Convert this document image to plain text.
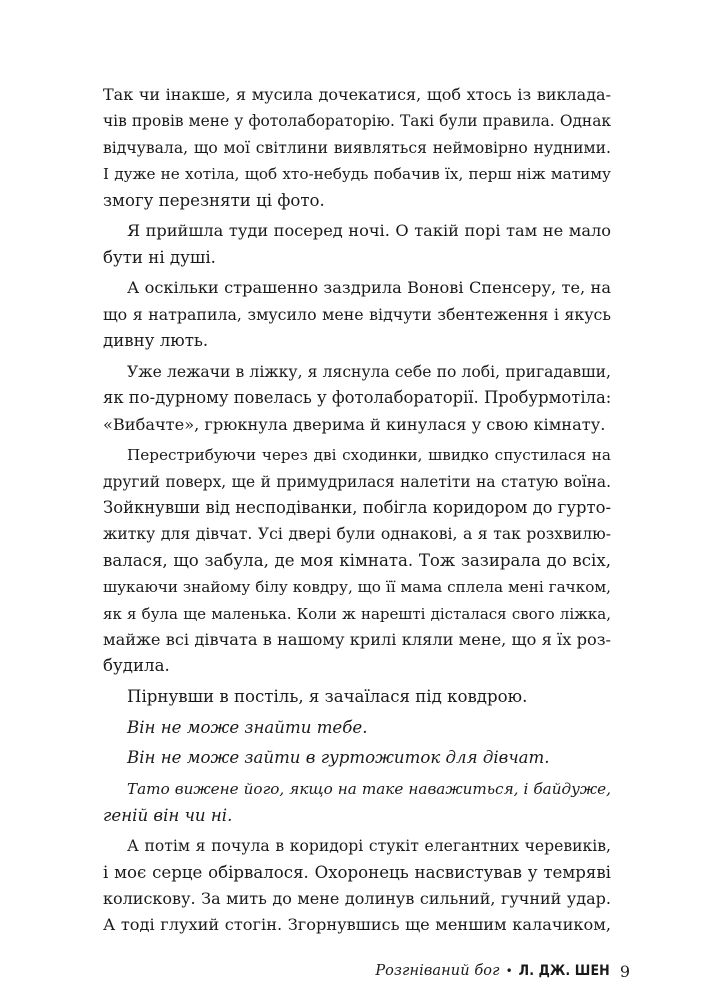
Так чи інакше, я мусила дочекатися, щоб хтось із виклада-
чів провів мене у фотолабораторію. Такі були правила. Однак
відчувала, що мої світлини виявляться неймовірно нудними.
І дуже не хотіла, щоб хто-небудь побачив їх, перш ніж матиму
змогу перезняти ці фото.
Я прийшла туди посеред ночі. О такій порі там не мало
бути ні душі.
А оскільки страшенно заздрила Вонові Спенсеру, те, на
що я натрапила, змусило мене відчути збентеження і якусь
дивну лють.
Уже лежачи в ліжку, я ляснула себе по лобі, пригадавши,
як по-дурному повелась у фотолабораторії. Пробурмотіла:
«Вибачте», грюкнула дверима й кинулася у свою кімнату.
Перестрибуючи через дві сходинки, швидко спустилася на
другий поверх, ще й примудрилася налетіти на статую воїна.
Зойкнувши від несподіванки, побігла коридором до гурто-
житку для дівчат. Усі двері були однакові, а я так розхвилю-
валася, що забула, де моя кімната. Тож зазирала до всіх,
шукаючи знайому білу ковдру, що її мама сплела мені гачком,
як я була ще маленька. Коли ж нарешті дісталася свого ліжка,
майже всі дівчата в нашому крилі кляли мене, що я їх роз-
будила.
Пірнувши в постіль, я зачаїлася під ковдрою.
Він не може знайти тебе.
Він не може зайти в гуртожиток для дівчат.
Тато вижене його, якщо на таке наважиться, і байдуже,
геній він чи ні.
А потім я почула в коридорі стукіт елегантних черевиків,
і моє серце обірвалося. Охоронець насвистував у темряві
колискову. За мить до мене долинув сильний, гучний удар.
А тоді глухий стогін. Згорнувшись ще меншим калачиком,
Розгніваний бог • Л. ДЖ. ШЕН 9
